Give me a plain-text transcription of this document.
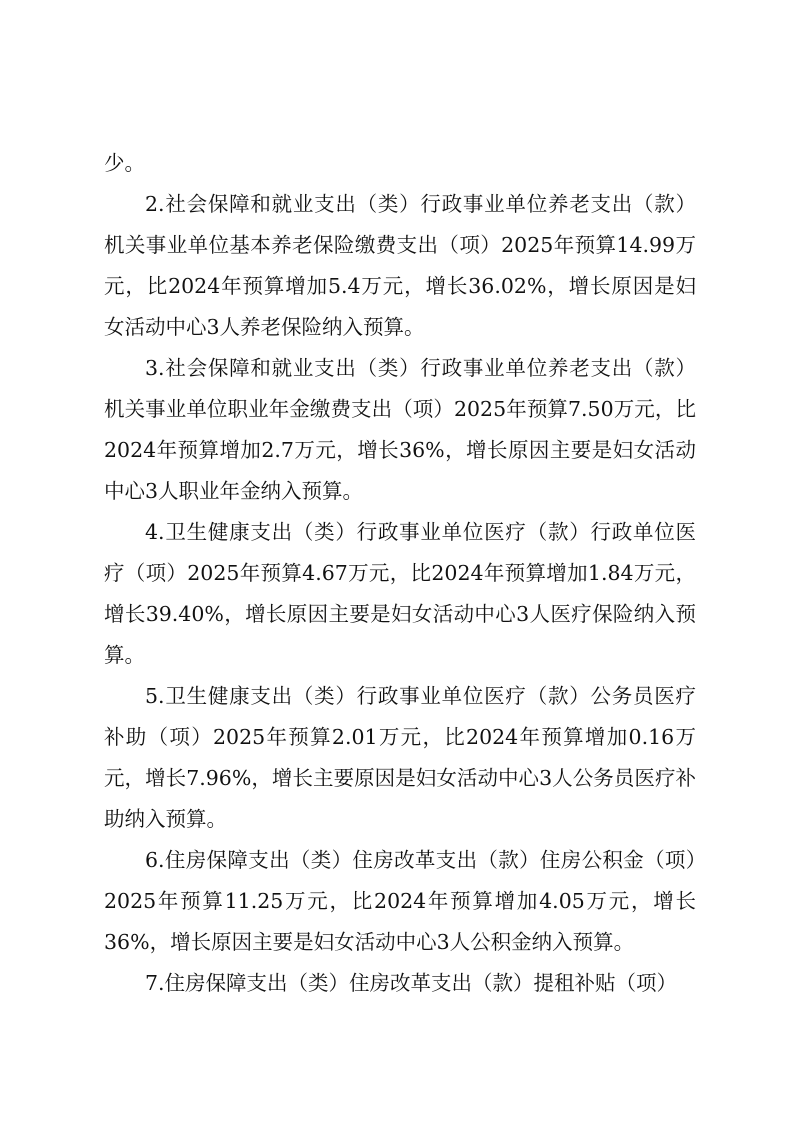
少。

2.社会保障和就业支出（类）行政事业单位养老支出（款）机关事业单位基本养老保险缴费支出（项）2025年预算14.99万元，比2024年预算增加5.4万元，增长36.02%，增长原因是妇女活动中心3人养老保险纳入预算。

3.社会保障和就业支出（类）行政事业单位养老支出（款）机关事业单位职业年金缴费支出（项）2025年预算7.50万元，比2024年预算增加2.7万元，增长36%，增长原因主要是妇女活动中心3人职业年金纳入预算。

4.卫生健康支出（类）行政事业单位医疗（款）行政单位医疗（项）2025年预算4.67万元，比2024年预算增加1.84万元，增长39.40%，增长原因主要是妇女活动中心3人医疗保险纳入预算。

5.卫生健康支出（类）行政事业单位医疗（款）公务员医疗补助（项）2025年预算2.01万元，比2024年预算增加0.16万元，增长7.96%，增长主要原因是妇女活动中心3人公务员医疗补助纳入预算。

6.住房保障支出（类）住房改革支出（款）住房公积金（项）2025年预算11.25万元，比2024年预算增加4.05万元，增长36%，增长原因主要是妇女活动中心3人公积金纳入预算。

7.住房保障支出（类）住房改革支出（款）提租补贴（项）
